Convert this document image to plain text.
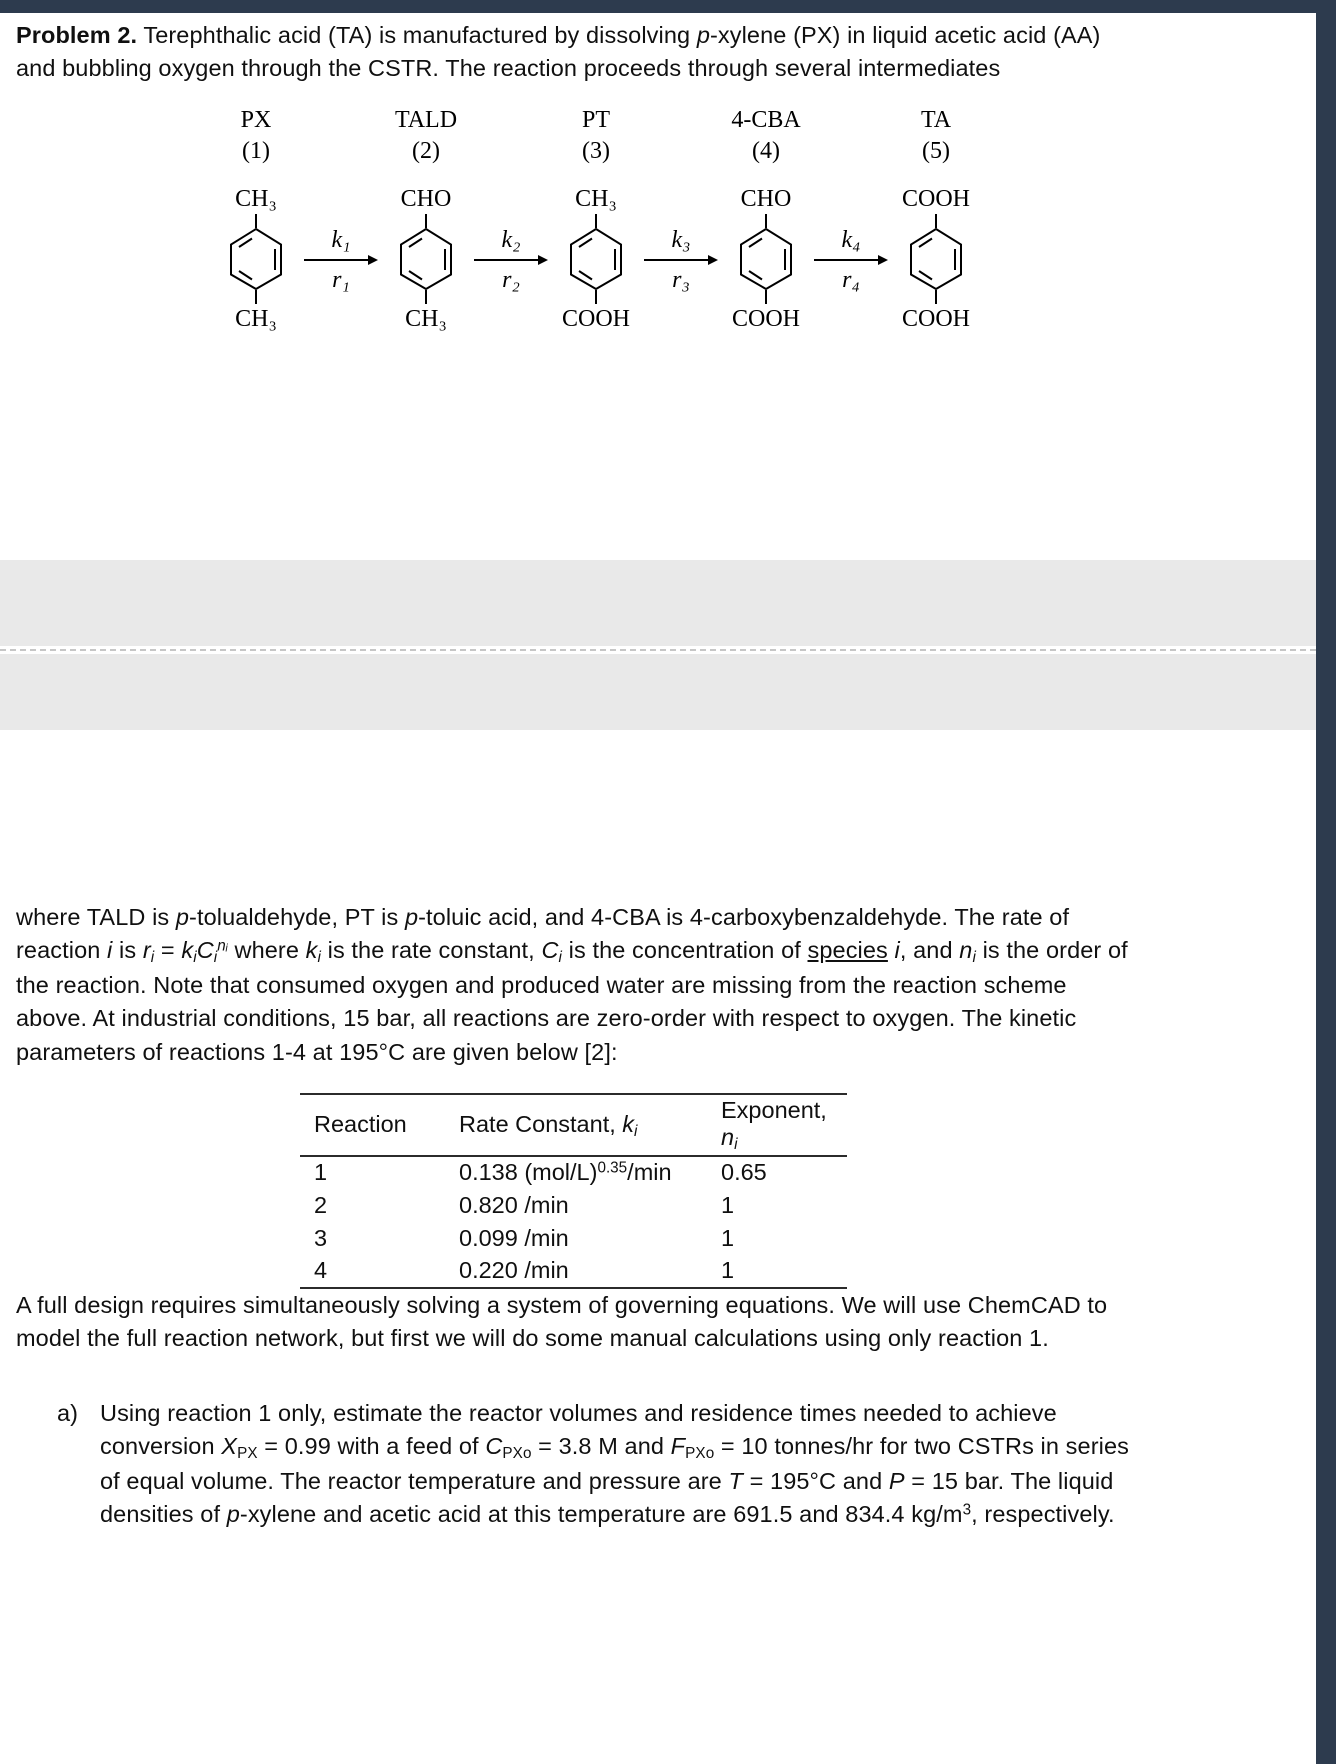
Problem 2. Terephthalic acid (TA) is manufactured by dissolving p-xylene (PX) in liquid acetic acid (AA) and bubbling oxygen through the CSTR. The reaction proceeds through several intermediates

PX
(1)
CH₃
CH₃
k₁
r₁
TALD
(2)
CHO
CH₃
k₂
r₂
PT
(3)
CH₃
COOH
k₃
r₃
4-CBA
(4)
CHO
COOH
k₄
r₄
TA
(5)
COOH
COOH

where TALD is p-tolualdehyde, PT is p-toluic acid, and 4-CBA is 4-carboxybenzaldehyde. The rate of reaction i is $r_i = k_iC_i^{nᵢ}$ where $k_i$ is the rate constant, $C_i$ is the concentration of species i, and $n_i$ is the order of the reaction. Note that consumed oxygen and produced water are missing from the reaction scheme above. At industrial conditions, 15 bar, all reactions are zero-order with respect to oxygen. The kinetic parameters of reactions 1-4 at 195°C are given below [2]:

Reaction	Rate Constant, $k_i$	Exponent, $n_i$
1	0.138 $(mol/L)^{0.35}/\min$	0.65
2	0.820 /min	1
3	0.099 /min	1
4	0.220 /min	1

A full design requires simultaneously solving a system of governing equations. We will use ChemCAD to model the full reaction network, but first we will do some manual calculations using only reaction 1.

a) Using reaction 1 only, estimate the reactor volumes and residence times needed to achieve conversion $X_{PX} = 0.99$ with a feed of $C_{PXo} = 3.8$ M and $F_{PXo} = 10$ tonnes/hr for two CSTRs in series of equal volume. The reactor temperature and pressure are T = 195°C and P = 15 bar. The liquid densities of p-xylene and acetic acid at this temperature are 691.5 and 834.4 $kg/m^3$, respectively.
